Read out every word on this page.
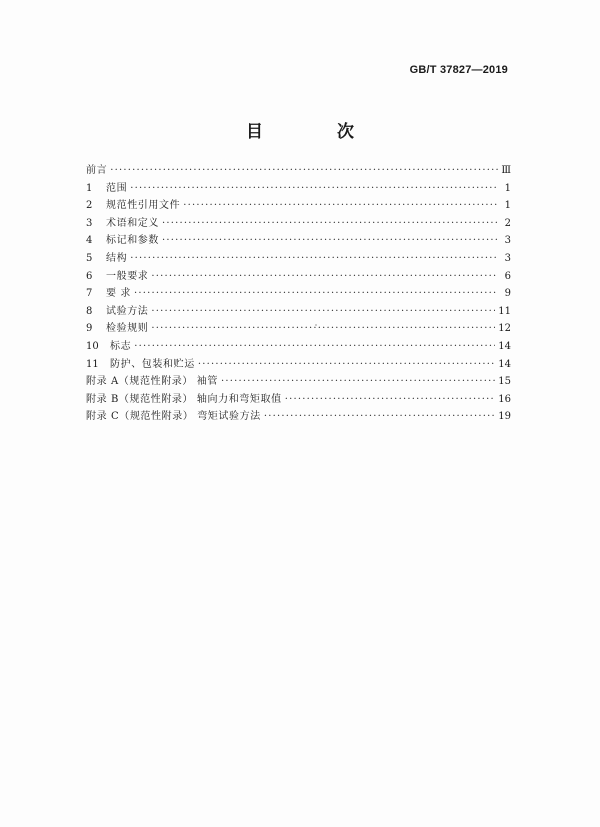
GB/T 37827—2019
目 次
前言 ·····	Ⅲ
1	范围 ·····	1
2	规范性引用文件 ·····	1
3	术语和定义 ·····	2
4	标记和参数 ·····	3
5	结构 ·····	3
6	一般要求 ·····	6
7	要 求 ·····	9
8	试验方法 ·····	11
9	检验规则 ·····	12
10	标志 ·····	14
11	防护、包装和贮运 ·····	14
附录 A（规范性附录） 袖管 ·····	15
附录 B（规范性附录） 轴向力和弯矩取值 ·····	16
附录 C（规范性附录） 弯矩试验方法 ·····	19
